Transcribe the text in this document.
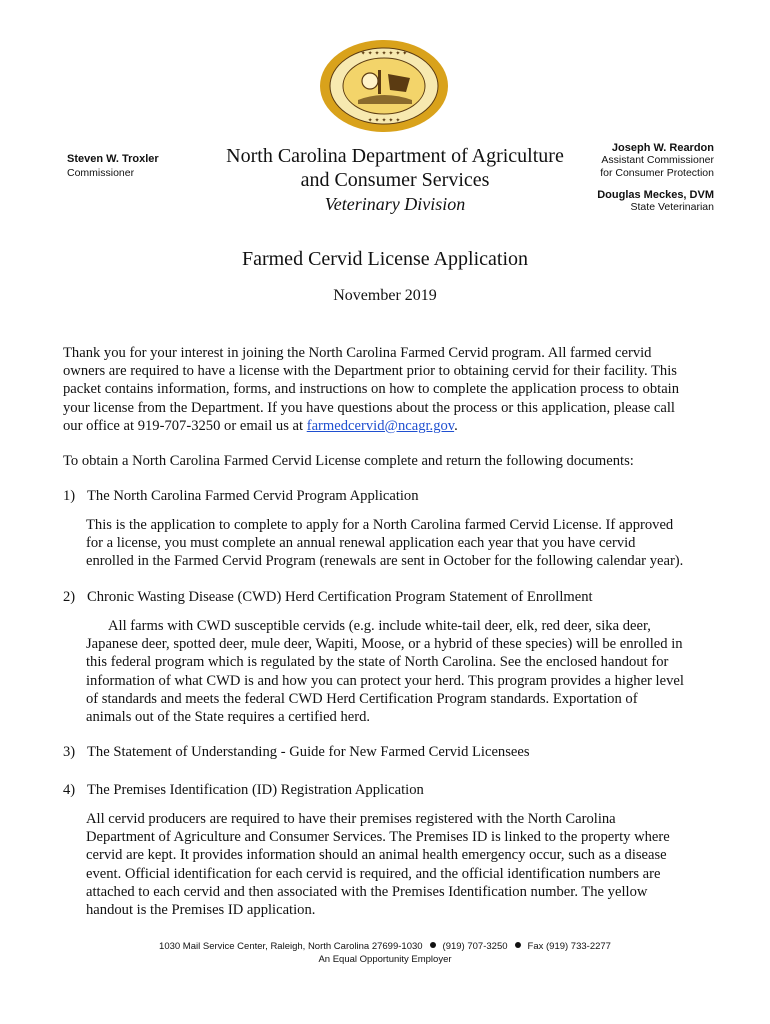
✦ ✦ ✦ ✦ ✦ ✦ ✦
✦ ✦ ✦ ✦ ✦
Steven W. Troxler
Commissioner
North Carolina Department of Agriculture
and Consumer Services
Veterinary Division
Joseph W. Reardon
Assistant Commissioner
for Consumer Protection
Douglas Meckes, DVM
State Veterinarian
Farmed Cervid License Application
November 2019
Thank you for your interest in joining the North Carolina Farmed Cervid program. All farmed cervid
owners are required to have a license with the Department prior to obtaining cervid for their facility. This
packet contains information, forms, and instructions on how to complete the application process to obtain
your license from the Department. If you have questions about the process or this application, please call
our office at 919-707-3250 or email us at farmedcervid@ncagr.gov.
To obtain a North Carolina Farmed Cervid License complete and return the following documents:
1) The North Carolina Farmed Cervid Program Application
This is the application to complete to apply for a North Carolina farmed Cervid License. If approved
for a license, you must complete an annual renewal application each year that you have cervid
enrolled in the Farmed Cervid Program (renewals are sent in October for the following calendar year).
2) Chronic Wasting Disease (CWD) Herd Certification Program Statement of Enrollment
All farms with CWD susceptible cervids (e.g. include white-tail deer, elk, red deer, sika deer,
Japanese deer, spotted deer, mule deer, Wapiti, Moose, or a hybrid of these species) will be enrolled in
this federal program which is regulated by the state of North Carolina. See the enclosed handout for
information of what CWD is and how you can protect your herd. This program provides a higher level
of standards and meets the federal CWD Herd Certification Program standards. Exportation of
animals out of the State requires a certified herd.
3) The Statement of Understanding - Guide for New Farmed Cervid Licensees
4) The Premises Identification (ID) Registration Application
All cervid producers are required to have their premises registered with the North Carolina
Department of Agriculture and Consumer Services. The Premises ID is linked to the property where
cervid are kept. It provides information should an animal health emergency occur, such as a disease
event. Official identification for each cervid is required, and the official identification numbers are
attached to each cervid and then associated with the Premises Identification number. The yellow
handout is the Premises ID application.
1030 Mail Service Center, Raleigh, North Carolina 27699-1030 (919) 707-3250 Fax (919) 733-2277
An Equal Opportunity Employer
